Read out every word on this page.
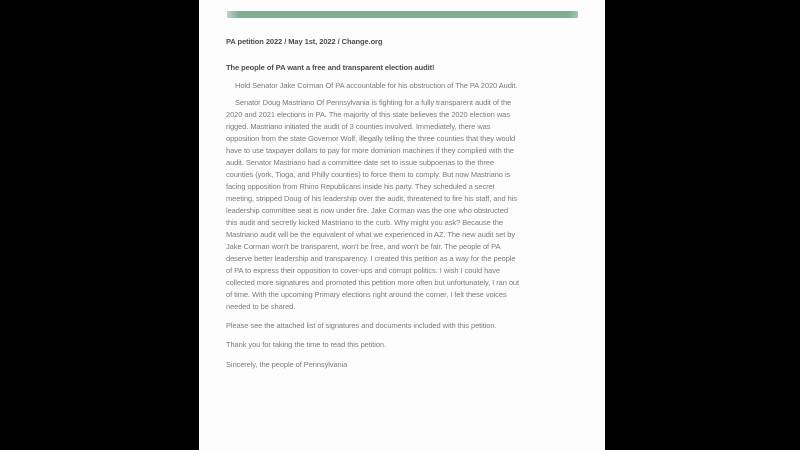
PA petition 2022 / May 1st, 2022 / Change.org

The people of PA want a free and transparent election audit!

Hold Senator Jake Corman Of PA accountable for his obstruction of The PA 2020 Audit.

Senator Doug Mastriano Of Pennsylvania is fighting for a fully transparent audit of the 2020 and 2021 elections in PA. The majority of this state believes the 2020 election was rigged. Mastriano initiated the audit of 3 counties involved. Immediately, there was opposition from the state Governor Wolf, illegally telling the three counties that they would have to use taxpayer dollars to pay for more dominion machines if they complied with the audit. Senator Mastriano had a committee date set to issue subpoenas to the three counties (york, Tioga, and Philly counties) to force them to comply. But now Mastriano is facing opposition from Rhino Republicans inside his party. They scheduled a secret meeting, stripped Doug of his leadership over the audit, threatened to fire his staff, and his leadership committee seat is now under fire. Jake Corman was the one who obstructed this audit and secretly kicked Mastriano to the curb. Why might you ask? Because the Mastriano audit will be the equivalent of what we experienced in AZ. The new audit set by Jake Corman won't be transparent, won't be free, and won't be fair. The people of PA deserve better leadership and transparency. I created this petition as a way for the people of PA to express their opposition to cover-ups and corrupt politics. I wish I could have collected more signatures and promoted this petition more often but unfortunately, I ran out of time. With the upcoming Primary elections right around the corner, I felt these voices needed to be shared.

Please see the attached list of signatures and documents included with this petition.

Thank you for taking the time to read this petition.

Sincerely, the people of Pennsylvania
